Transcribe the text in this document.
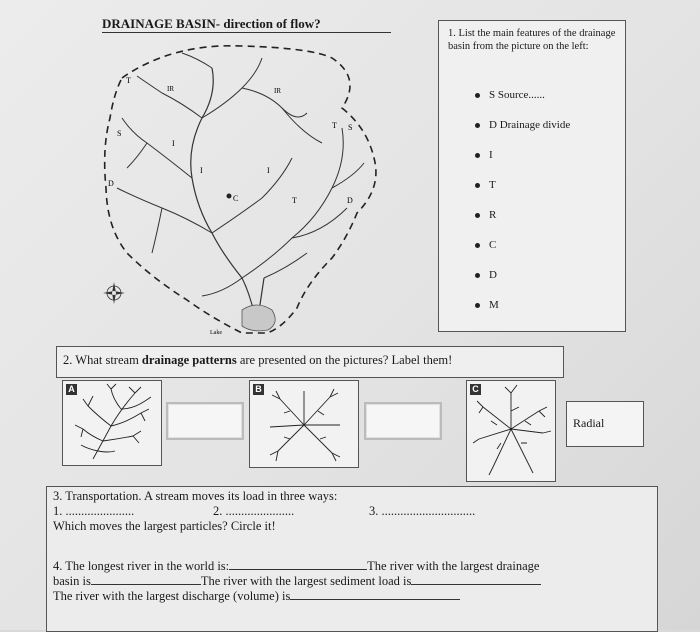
DRAINAGE BASIN- direction of flow?
S
S
D
C
T
T
T
D
I
I	I
IR	IR
Lake
1. List the main features of the drainage basin from the picture on the left:
S Source......
D Drainage divide
I
T
R
C
D
M
2. What stream drainage patterns are presented on the pictures? Label them!
A	B	C
Radial
3. Transportation. A stream moves its load in three ways:
1. ......................	2. ......................	3. ..............................
Which moves the largest particles? Circle it!
4. The longest river in the world is:	The river with the largest drainage
basin is	The river with the largest sediment load is
The river with the largest discharge (volume) is
